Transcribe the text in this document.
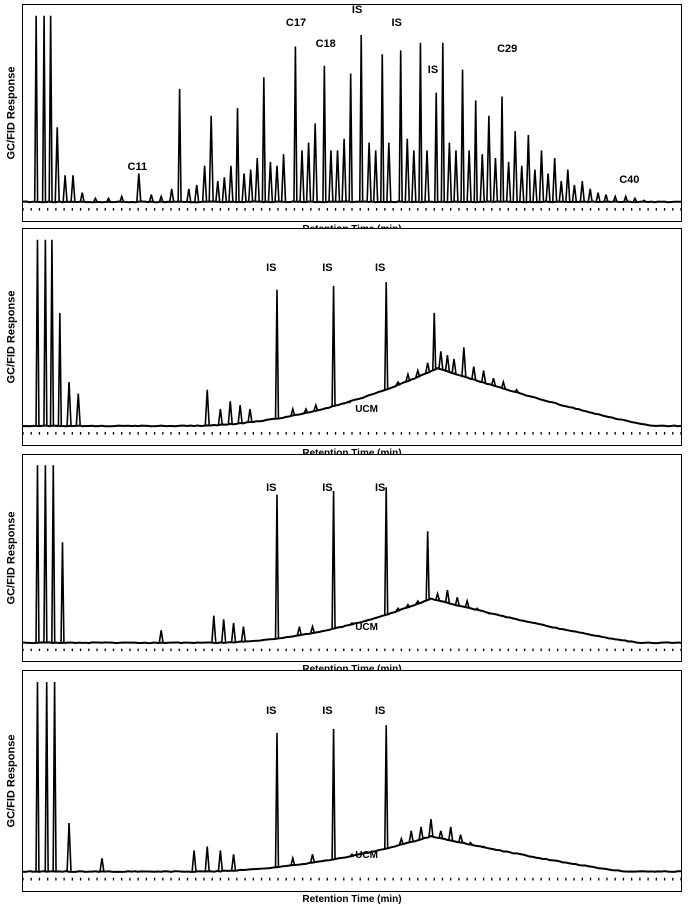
GC/FID Response
C11
C17
C18
IS
IS
IS
C29
C40
GC/FID Response
IS	IS	IS
UCM
GC/FID Response
IS	IS	IS
UCM
GC/FID Response
IS	IS	IS
UCM
Retention Time (min)
